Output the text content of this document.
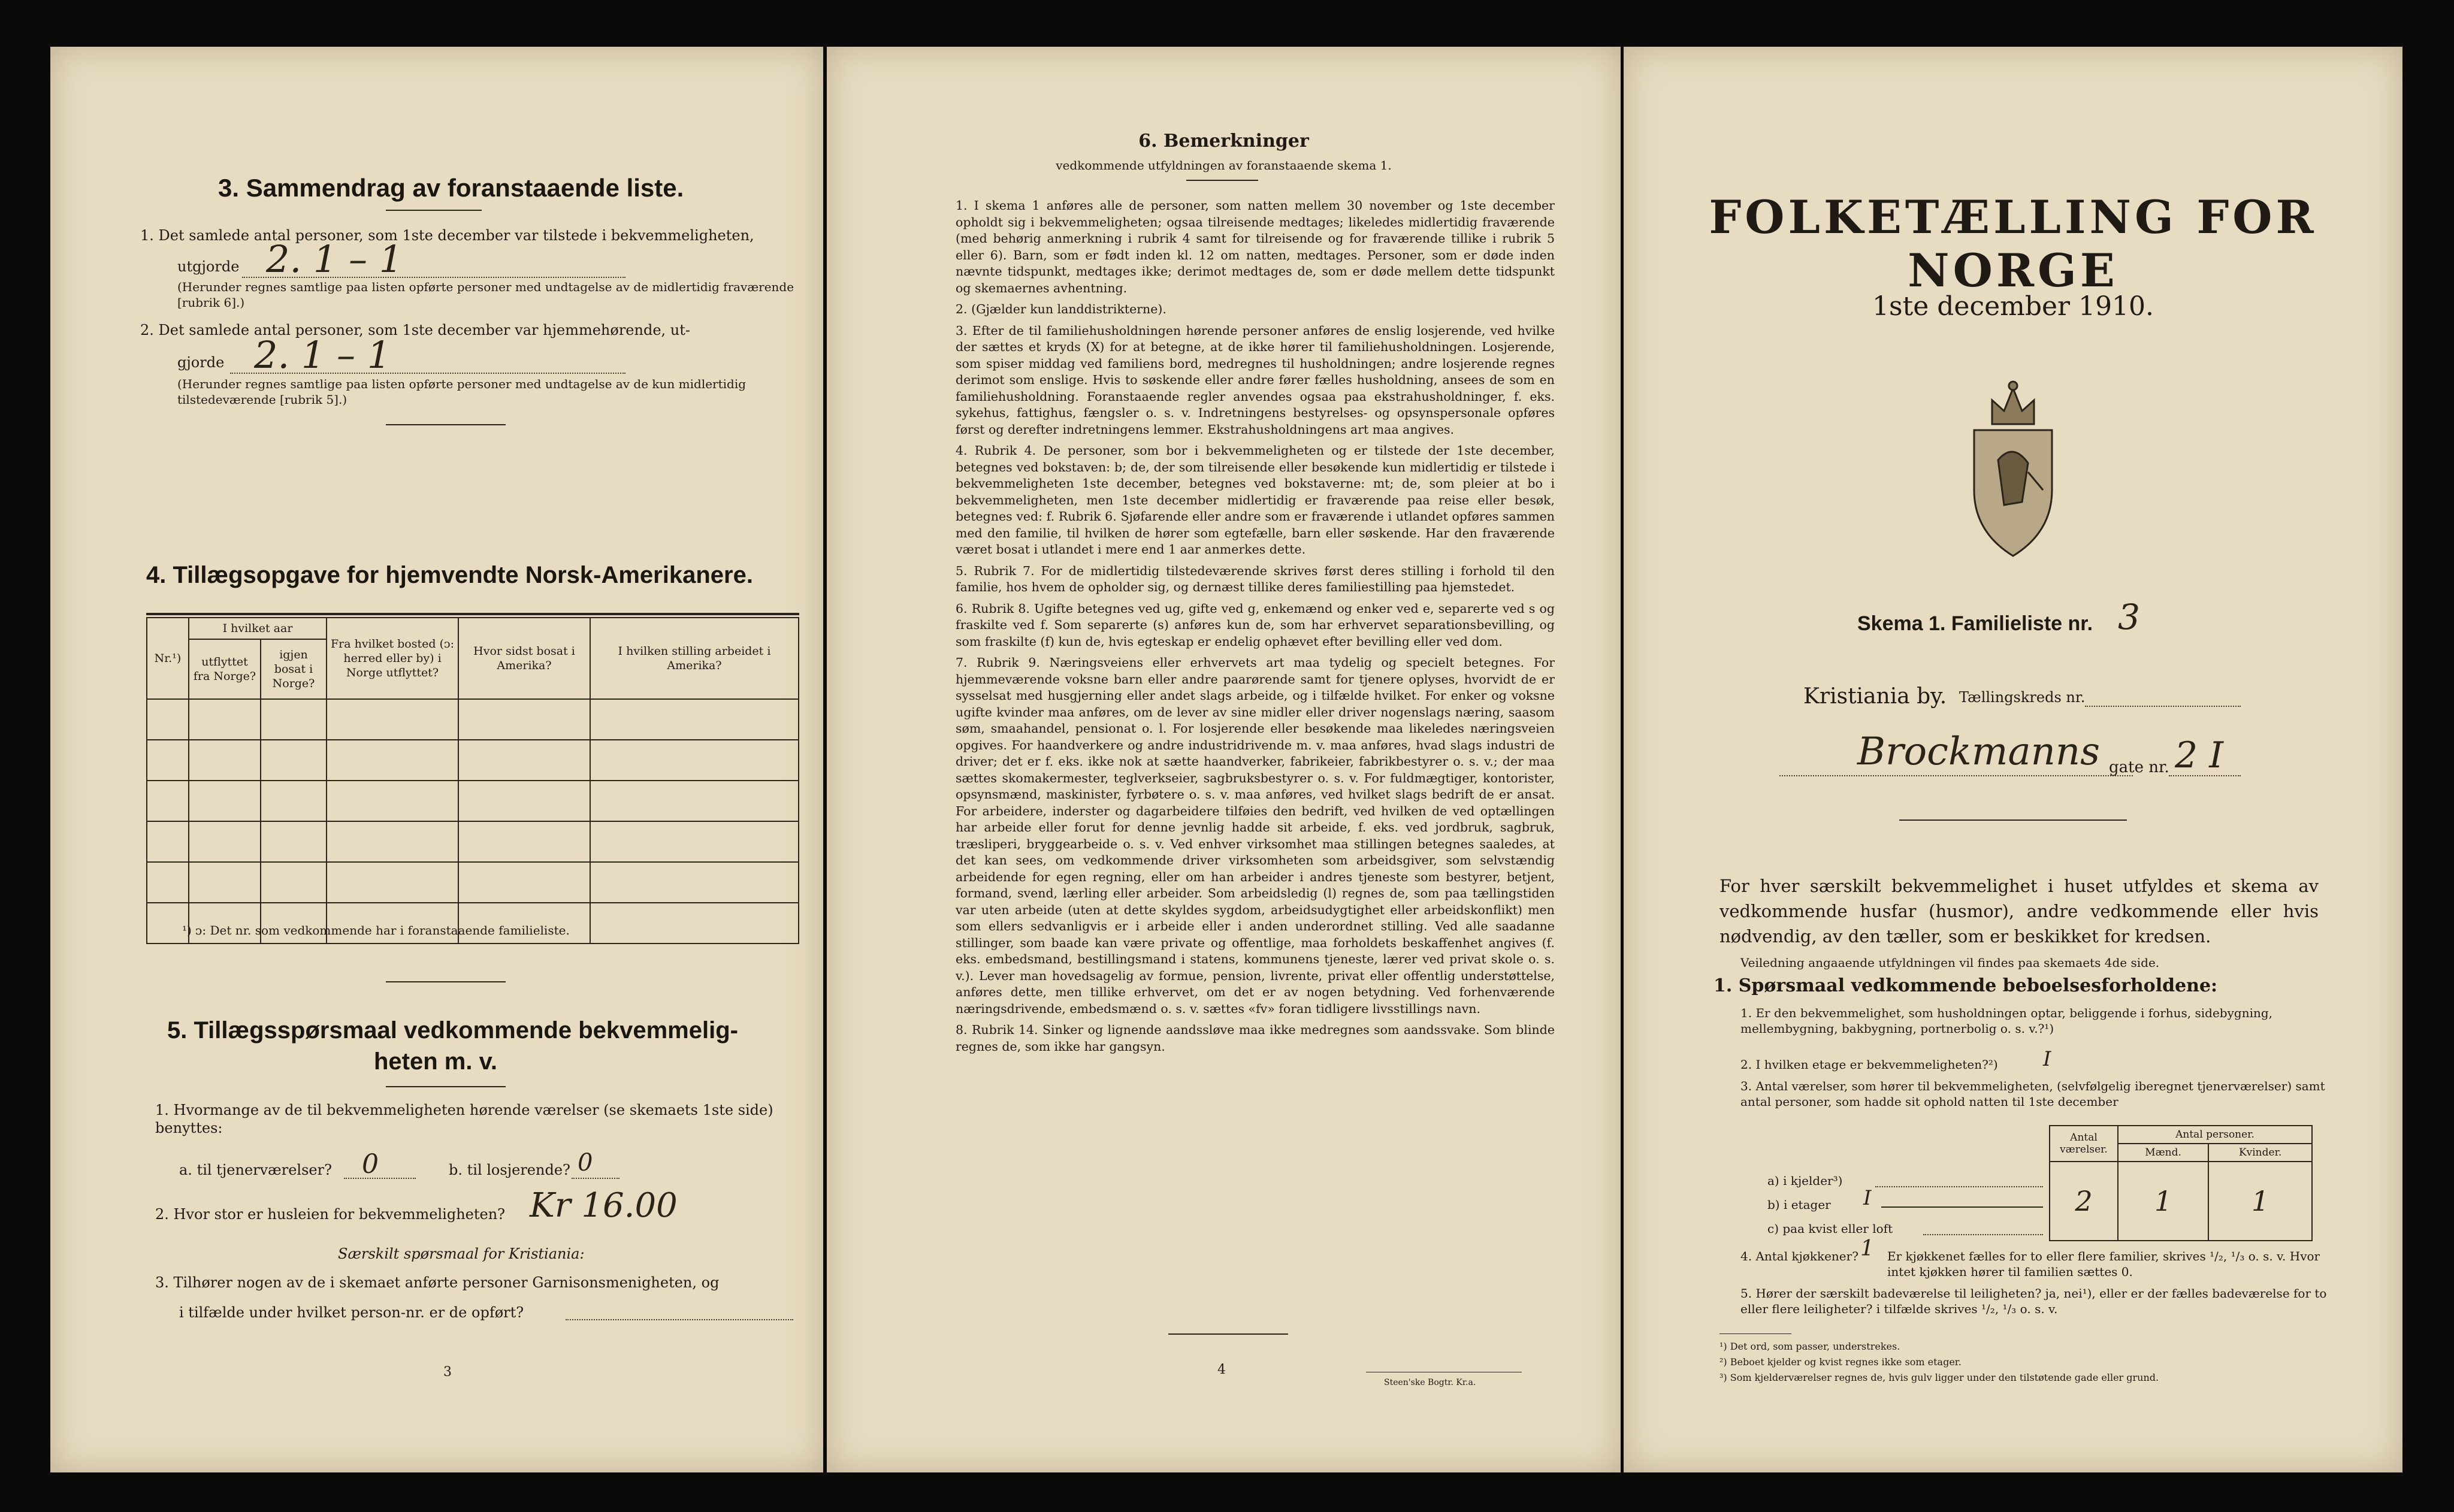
3. Sammendrag av foranstaaende liste.
1. Det samlede antal personer, som 1ste december var tilstede i bekvemmeligheten,
utgjorde 2. 1 – 1
(Herunder regnes samtlige paa listen opførte personer med undtagelse av de midlertidig fraværende [rubrik 6].)
2. Det samlede antal personer, som 1ste december var hjemmehørende, ut-
gjorde 2. 1 – 1
(Herunder regnes samtlige paa listen opførte personer med undtagelse av de kun midlertidig tilstedeværende [rubrik 5].)
4. Tillægsopgave for hjemvendte Norsk-Amerikanere.
Nr.¹)	I hvilket aar		Fra hvilket bosted (ᴐ: herred eller by) i Norge utflyttet?	Hvor sidst bosat i Amerika?	I hvilken stilling arbeidet i Amerika?
	utflyttet fra Norge?	igjen bosat i Norge?			

¹) ᴐ: Det nr. som vedkommende har i foranstaaende familieliste.
5. Tillægsspørsmaal vedkommende bekvemmelig-
heten m. v.
1. Hvormange av de til bekvemmeligheten hørende værelser (se skemaets 1ste side) benyttes:
a. til tjenerværelser? 0	b. til losjerende? 0
2. Hvor stor er husleien for bekvemmeligheten? Kr 16.00
Særskilt spørsmaal for Kristiania:
3. Tilhører nogen av de i skemaet anførte personer Garnisonsmenigheten, og
i tilfælde under hvilket person-nr. er de opført?
3
6. Bemerkninger
vedkommende utfyldningen av foranstaaende skema 1.

1. I skema 1 anføres alle de personer, som natten mellem 30 november og 1ste december opholdt sig i bekvemmeligheten; ogsaa tilreisende medtages; likeledes midlertidig fraværende (med behørig anmerkning i rubrik 4 samt for tilreisende og for fraværende tillike i rubrik 5 eller 6). Barn, som er født inden kl. 12 om natten, medtages. Personer, som er døde inden nævnte tidspunkt, medtages ikke; derimot medtages de, som er døde mellem dette tidspunkt og skemaernes avhentning.

2. (Gjælder kun landdistrikterne).

3. Efter de til familiehusholdningen hørende personer anføres de enslig losjerende, ved hvilke der sættes et kryds (X) for at betegne, at de ikke hører til familiehusholdningen. Losjerende, som spiser middag ved familiens bord, medregnes til husholdningen; andre losjerende regnes derimot som enslige. Hvis to søskende eller andre fører fælles husholdning, ansees de som en familiehusholdning. Foranstaaende regler anvendes ogsaa paa ekstrahusholdninger, f. eks. sykehus, fattighus, fængsler o. s. v. Indretningens bestyrelses- og opsynspersonale opføres først og derefter indretningens lemmer. Ekstrahusholdningens art maa angives.

4. Rubrik 4. De personer, som bor i bekvemmeligheten og er tilstede der 1ste december, betegnes ved bokstaven: b; de, der som tilreisende eller besøkende kun midlertidig er tilstede i bekvemmeligheten 1ste december, betegnes ved bokstaverne: mt; de, som pleier at bo i bekvemmeligheten, men 1ste december midlertidig er fraværende paa reise eller besøk, betegnes ved: f. Rubrik 6. Sjøfarende eller andre som er fraværende i utlandet opføres sammen med den familie, til hvilken de hører som egtefælle, barn eller søskende. Har den fraværende været bosat i utlandet i mere end 1 aar anmerkes dette.

5. Rubrik 7. For de midlertidig tilstedeværende skrives først deres stilling i forhold til den familie, hos hvem de opholder sig, og dernæst tillike deres familiestilling paa hjemstedet.

6. Rubrik 8. Ugifte betegnes ved ug, gifte ved g, enkemænd og enker ved e, separerte ved s og fraskilte ved f. Som separerte (s) anføres kun de, som har erhvervet separationsbevilling, og som fraskilte (f) kun de, hvis egteskap er endelig ophævet efter bevilling eller ved dom.

7. Rubrik 9. Næringsveiens eller erhvervets art maa tydelig og specielt betegnes. For hjemmeværende voksne barn eller andre paarørende samt for tjenere oplyses, hvorvidt de er sysselsat med husgjerning eller andet slags arbeide, og i tilfælde hvilket. For enker og voksne ugifte kvinder maa anføres, om de lever av sine midler eller driver nogenslags næring, saasom søm, smaahandel, pensionat o. l. For losjerende eller besøkende maa likeledes næringsveien opgives. For haandverkere og andre industridrivende m. v. maa anføres, hvad slags industri de driver; det er f. eks. ikke nok at sætte haandverker, fabrikeier, fabrikbestyrer o. s. v.; der maa sættes skomakermester, teglverkseier, sagbruksbestyrer o. s. v. For fuldmægtiger, kontorister, opsynsmænd, maskinister, fyrbøtere o. s. v. maa anføres, ved hvilket slags bedrift de er ansat. For arbeidere, inderster og dagarbeidere tilføies den bedrift, ved hvilken de ved optællingen har arbeide eller forut for denne jevnlig hadde sit arbeide, f. eks. ved jordbruk, sagbruk, træsliperi, bryggearbeide o. s. v. Ved enhver virksomhet maa stillingen betegnes saaledes, at det kan sees, om vedkommende driver virksomheten som arbeidsgiver, som selvstændig arbeidende for egen regning, eller om han arbeider i andres tjeneste som bestyrer, betjent, formand, svend, lærling eller arbeider. Som arbeidsledig (l) regnes de, som paa tællingstiden var uten arbeide (uten at dette skyldes sygdom, arbeidsudygtighet eller arbeidskonflikt) men som ellers sedvanligvis er i arbeide eller i anden underordnet stilling. Ved alle saadanne stillinger, som baade kan være private og offentlige, maa forholdets beskaffenhet angives (f. eks. embedsmand, bestillingsmand i statens, kommunens tjeneste, lærer ved privat skole o. s. v.). Lever man hovedsagelig av formue, pension, livrente, privat eller offentlig understøttelse, anføres dette, men tillike erhvervet, om det er av nogen betydning. Ved forhenværende næringsdrivende, embedsmænd o. s. v. sættes «fv» foran tidligere livsstillings navn.

8. Rubrik 14. Sinker og lignende aandssløve maa ikke medregnes som aandssvake. Som blinde regnes de, som ikke har gangsyn.

4
Steen'ske Bogtr. Kr.a.
FOLKETÆLLING FOR NORGE
1ste december 1910.
Skema 1. Familieliste nr. 3
Kristiania by. Tællingskreds nr.
Brockmanns gate nr. 2 I
For hver særskilt bekvemmelighet i huset utfyldes et skema av vedkommende husfar (husmor), andre vedkommende eller hvis nødvendig, av den tæller, som er beskikket for kredsen.
Veiledning angaaende utfyldningen vil findes paa skemaets 4de side.
1. Spørsmaal vedkommende beboelsesforholdene:
1. Er den bekvemmelighet, som husholdningen optar, beliggende i forhus, sidebygning, mellembygning, bakbygning, portnerbolig o. s. v.?¹)
2. I hvilken etage er bekvemmeligheten?²) I
3. Antal værelser, som hører til bekvemmeligheten, (selvfølgelig iberegnet tjenerværelser) samt antal personer, som hadde sit ophold natten til 1ste december
Antal værelser.	Antal personer.	
	Mænd.	Kvinder.
2	1	1
a) i kjelder³)
b) i etager I
c) paa kvist eller loft
4. Antal kjøkkener? 1 Er kjøkkenet fælles for to eller flere familier, skrives ¹/₂, ¹/₃ o. s. v. Hvor intet kjøkken hører til familien sættes 0.
5. Hører der særskilt badeværelse til leiligheten? ja, nei¹), eller er der fælles badeværelse for to eller flere leiligheter? i tilfælde skrives ¹/₂, ¹/₃ o. s. v.
¹) Det ord, som passer, understrekes.
²) Beboet kjelder og kvist regnes ikke som etager.
³) Som kjelderværelser regnes de, hvis gulv ligger under den tilstøtende gade eller grund.
